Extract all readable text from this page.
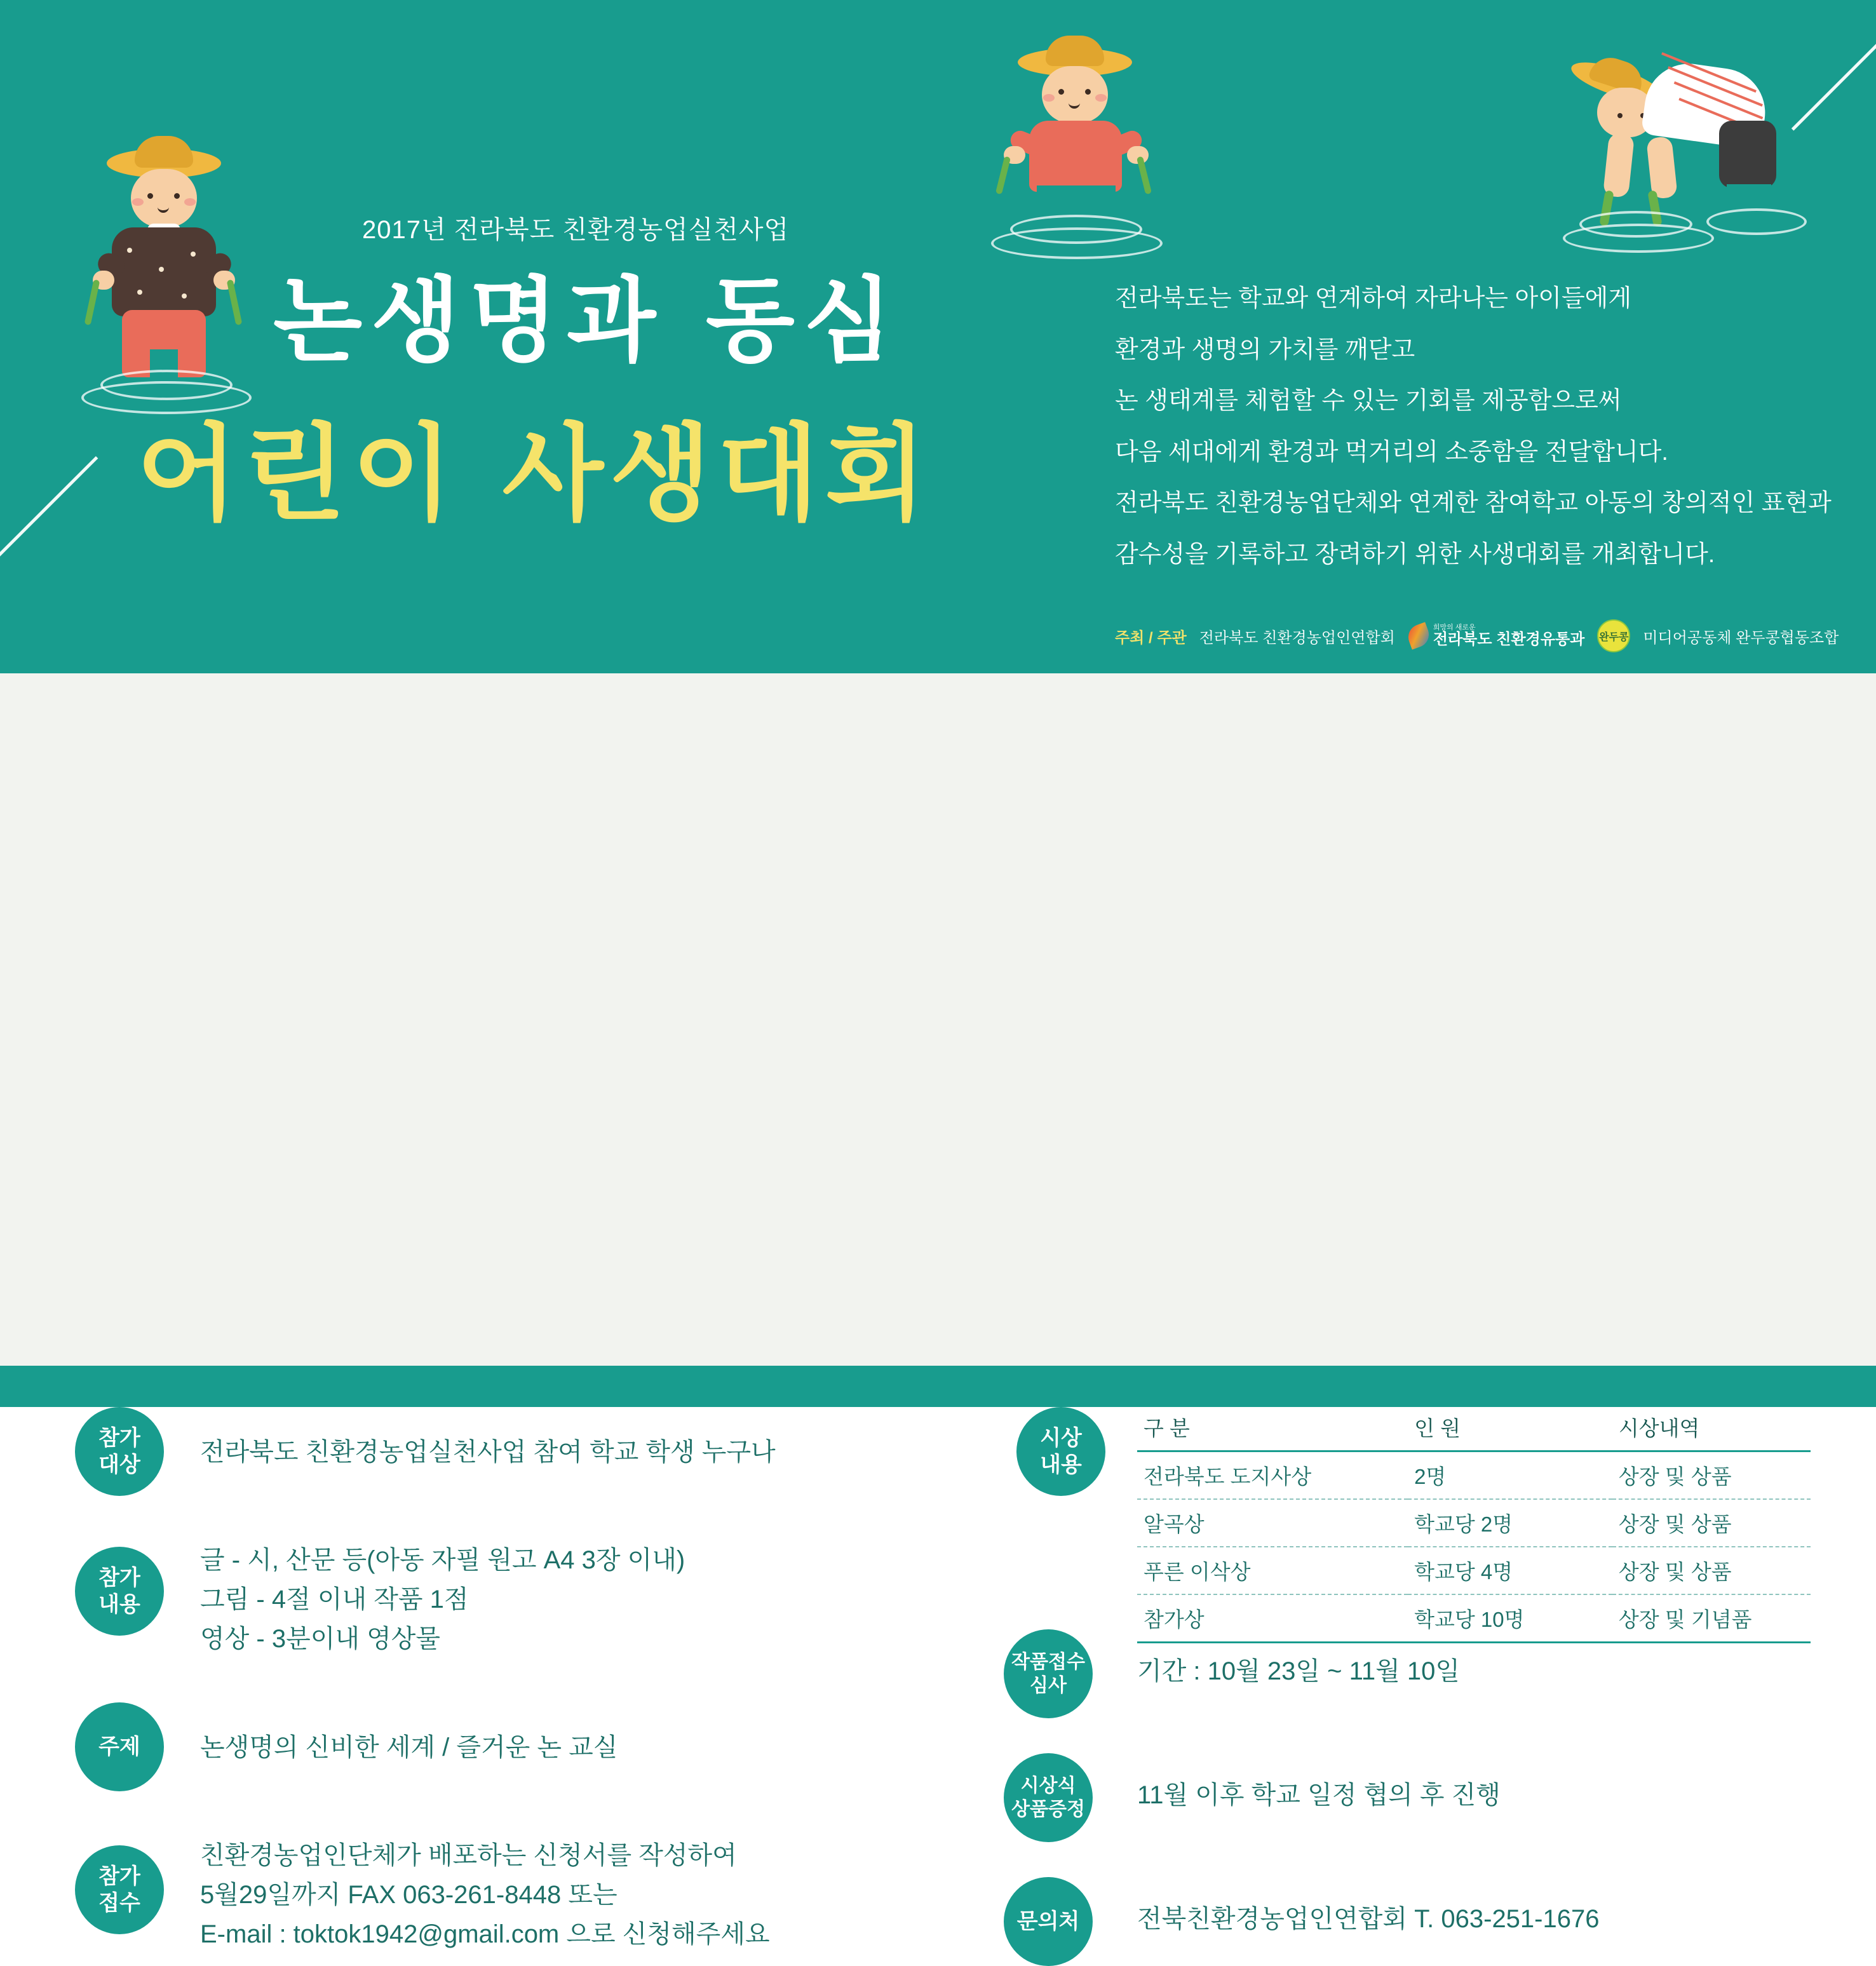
2017년 전라북도 친환경농업실천사업
논생명과 동심
어린이 사생대회

전라북도는 학교와 연계하여 자라나는 아이들에게

환경과 생명의 가치를 깨닫고

논 생태계를 체험할 수 있는 기회를 제공함으로써

다음 세대에게 환경과 먹거리의 소중함을 전달합니다.

전라북도 친환경농업단체와 연계한 참여학교 아동의 창의적인 표현과

감수성을 기록하고 장려하기 위한 사생대회를 개최합니다.

주최 / 주관 전라북도 친환경농업인연합회
희망의 새로운
전라북도 친환경유통과 완두콩 미디어공동체 완두콩협동조합
참가
대상 전라북도 친환경농업실천사업 참여 학교 학생 누구나
참가
내용
글 - 시, 산문 등(아동 자필 원고 A4 3장 이내)
그림 - 4절 이내 작품 1점
영상 - 3분이내 영상물
주제 논생명의 신비한 세계 / 즐거운 논 교실
참가
접수
친환경농업인단체가 배포하는 신청서를 작성하여
5월29일까지 FAX 063-261-8448 또는
E-mail : toktok1942@gmail.com 으로 신청해주세요
시상
내용
구 분	인 원	시상내역
전라북도 도지사상	2명	상장 및 상품
알곡상	학교당 2명	상장 및 상품
푸른 이삭상	학교당 4명	상장 및 상품
참가상	학교당 10명	상장 및 기념품
작품접수
심사
기간 : 10월 23일 ~ 11월 10일
시상식
상품증정
11월 이후 학교 일정 협의 후 진행
문의처 전북친환경농업인연합회 T. 063-251-1676
